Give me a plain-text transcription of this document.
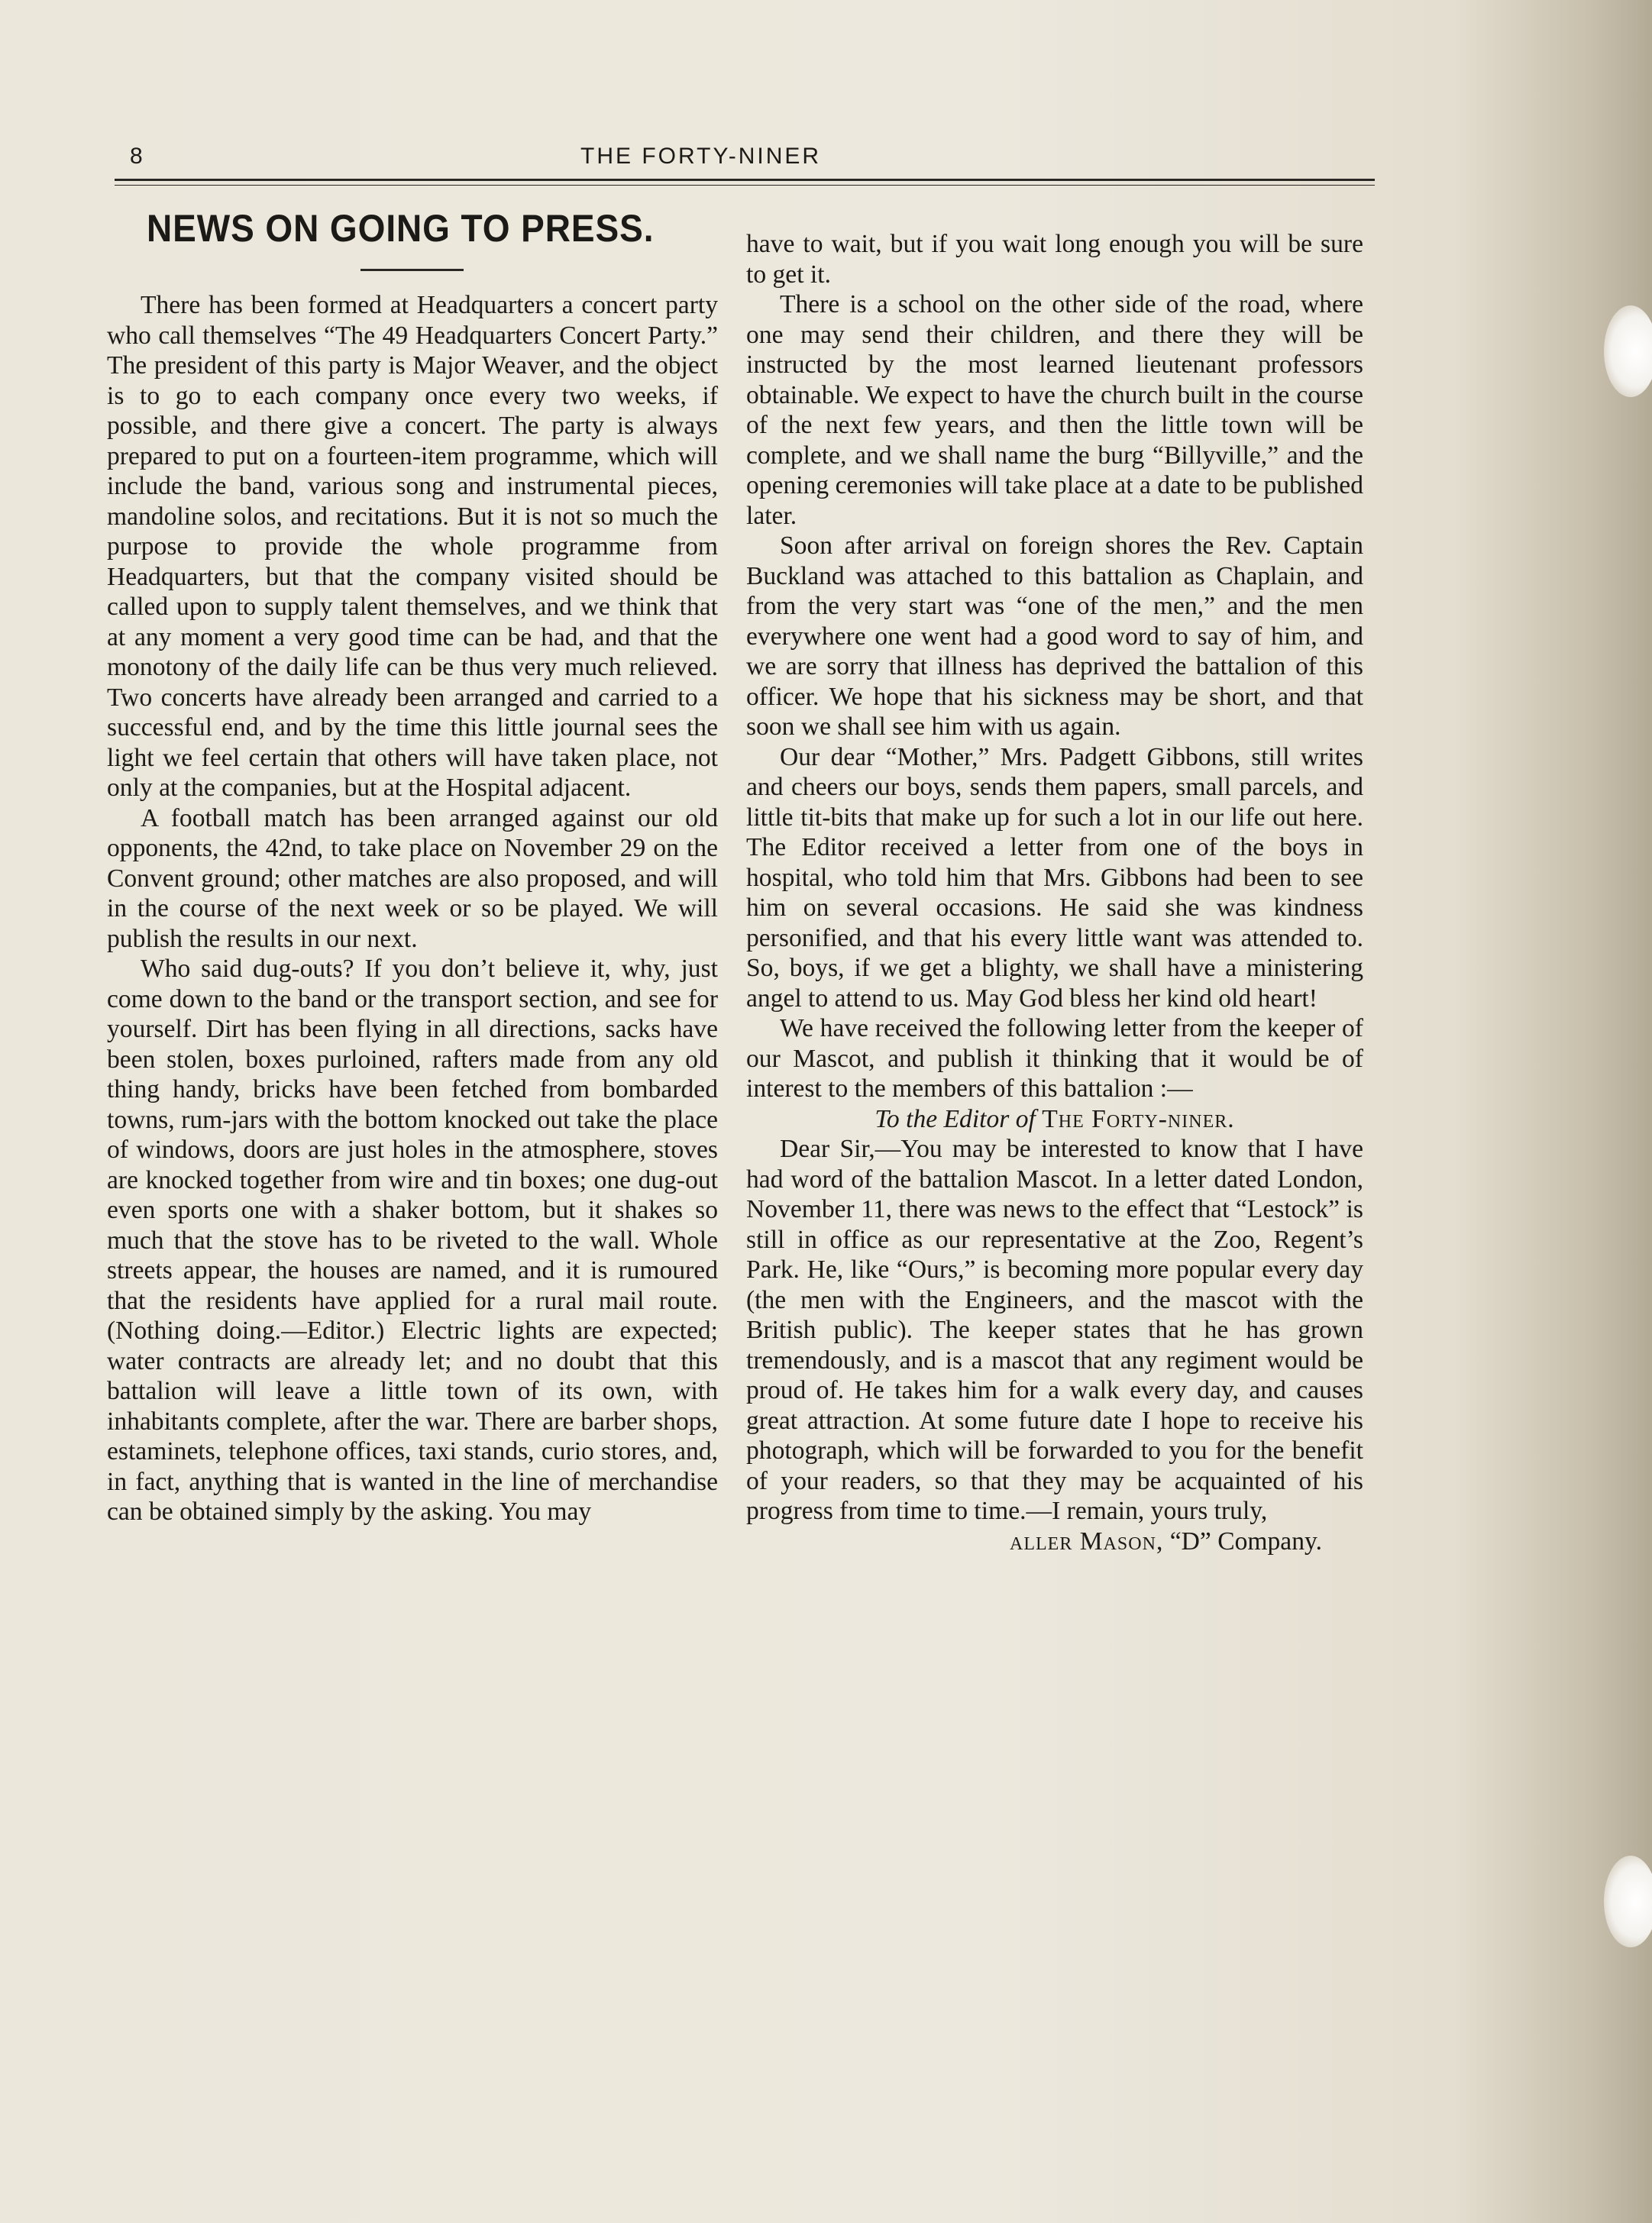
8	THE FORTY-NINER
NEWS ON GOING TO PRESS.

There has been formed at Headquarters a concert party who call themselves “The 49 Headquarters Concert Party.” The president of this party is Major Weaver, and the object is to go to each company once every two weeks, if possible, and there give a concert. The party is always prepared to put on a fourteen-item programme, which will include the band, various song and instrumental pieces, mandoline solos, and recitations. But it is not so much the purpose to provide the whole programme from Headquarters, but that the company visited should be called upon to supply talent themselves, and we think that at any moment a very good time can be had, and that the monotony of the daily life can be thus very much relieved. Two concerts have already been arranged and carried to a successful end, and by the time this little journal sees the light we feel certain that others will have taken place, not only at the companies, but at the Hospital adjacent.

A football match has been arranged against our old opponents, the 42nd, to take place on November 29 on the Convent ground; other matches are also proposed, and will in the course of the next week or so be played. We will publish the results in our next.

Who said dug-outs? If you don’t believe it, why, just come down to the band or the transport section, and see for yourself. Dirt has been flying in all directions, sacks have been stolen, boxes purloined, rafters made from any old thing handy, bricks have been fetched from bombarded towns, rum-jars with the bottom knocked out take the place of windows, doors are just holes in the atmosphere, stoves are knocked together from wire and tin boxes; one dug-out even sports one with a shaker bottom, but it shakes so much that the stove has to be riveted to the wall. Whole streets appear, the houses are named, and it is rumoured that the residents have applied for a rural mail route. (Nothing doing.—Editor.) Electric lights are expected; water contracts are already let; and no doubt that this battalion will leave a little town of its own, with inhabitants complete, after the war. There are barber shops, estaminets, telephone offices, taxi stands, curio stores, and, in fact, anything that is wanted in the line of merchandise can be obtained simply by the asking. You may

have to wait, but if you wait long enough you will be sure to get it.

There is a school on the other side of the road, where one may send their children, and there they will be instructed by the most learned lieutenant professors obtainable. We expect to have the church built in the course of the next few years, and then the little town will be complete, and we shall name the burg “Billyville,” and the opening ceremonies will take place at a date to be published later.

Soon after arrival on foreign shores the Rev. Captain Buckland was attached to this battalion as Chaplain, and from the very start was “one of the men,” and the men everywhere one went had a good word to say of him, and we are sorry that illness has deprived the battalion of this officer. We hope that his sickness may be short, and that soon we shall see him with us again.

Our dear “Mother,” Mrs. Padgett Gibbons, still writes and cheers our boys, sends them papers, small parcels, and little tit-bits that make up for such a lot in our life out here. The Editor received a letter from one of the boys in hospital, who told him that Mrs. Gibbons had been to see him on several occasions. He said she was kindness personified, and that his every little want was attended to. So, boys, if we get a blighty, we shall have a ministering angel to attend to us. May God bless her kind old heart!

We have received the following letter from the keeper of our Mascot, and publish it thinking that it would be of interest to the members of this battalion :—

To the Editor of The Forty-niner.

Dear Sir,—You may be interested to know that I have had word of the battalion Mascot. In a letter dated London, November 11, there was news to the effect that “Lestock” is still in office as our representative at the Zoo, Regent’s Park. He, like “Ours,” is becoming more popular every day (the men with the Engineers, and the mascot with the British public). The keeper states that he has grown tremendously, and is a mascot that any regiment would be proud of. He takes him for a walk every day, and causes great attraction. At some future date I hope to receive his photograph, which will be forwarded to you for the benefit of your readers, so that they may be acquainted of his progress from time to time.—I remain, yours truly,

aller Mason, “D” Company.
